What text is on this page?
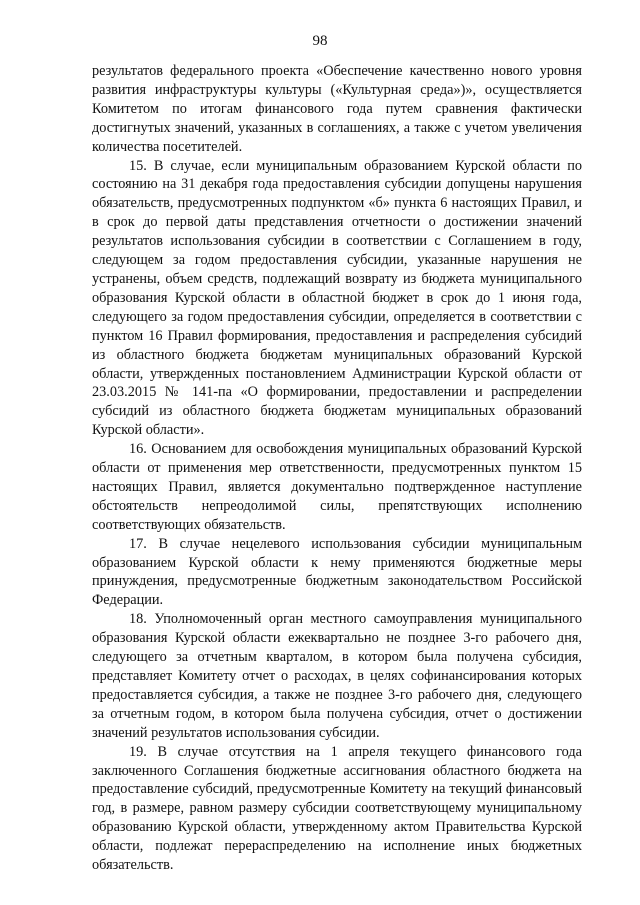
98

результатов федерального проекта «Обеспечение качественно нового уровня развития инфраструктуры культуры («Культурная среда»)», осуществляется Комитетом по итогам финансового года путем сравнения фактически достигнутых значений, указанных в соглашениях, а также с учетом увеличения количества посетителей.

15. В случае, если муниципальным образованием Курской области по состоянию на 31 декабря года предоставления субсидии допущены нарушения обязательств, предусмотренных подпунктом «б» пункта 6 настоящих Правил, и в срок до первой даты представления отчетности о достижении значений результатов использования субсидии в соответствии с Соглашением в году, следующем за годом предоставления субсидии, указанные нарушения не устранены, объем средств, подлежащий возврату из бюджета муниципального образования Курской области в областной бюджет в срок до 1 июня года, следующего за годом предоставления субсидии, определяется в соответствии с пунктом 16 Правил формирования, предоставления и распределения субсидий из областного бюджета бюджетам муниципальных образований Курской области, утвержденных постановлением Администрации Курской области от 23.03.2015 № 141-па «О формировании, предоставлении и распределении субсидий из областного бюджета бюджетам муниципальных образований Курской области».

16. Основанием для освобождения муниципальных образований Курской области от применения мер ответственности, предусмотренных пунктом 15 настоящих Правил, является документально подтвержденное наступление обстоятельств непреодолимой силы, препятствующих исполнению соответствующих обязательств.

17. В случае нецелевого использования субсидии муниципальным образованием Курской области к нему применяются бюджетные меры принуждения, предусмотренные бюджетным законодательством Российской Федерации.

18. Уполномоченный орган местного самоуправления муниципального образования Курской области ежеквартально не позднее 3-го рабочего дня, следующего за отчетным кварталом, в котором была получена субсидия, представляет Комитету отчет о расходах, в целях софинансирования которых предоставляется субсидия, а также не позднее 3-го рабочего дня, следующего за отчетным годом, в котором была получена субсидия, отчет о достижении значений результатов использования субсидии.

19. В случае отсутствия на 1 апреля текущего финансового года заключенного Соглашения бюджетные ассигнования областного бюджета на предоставление субсидий, предусмотренные Комитету на текущий финансовый год, в размере, равном размеру субсидии соответствующему муниципальному образованию Курской области, утвержденному актом Правительства Курской области, подлежат перераспределению на исполнение иных бюджетных обязательств.
